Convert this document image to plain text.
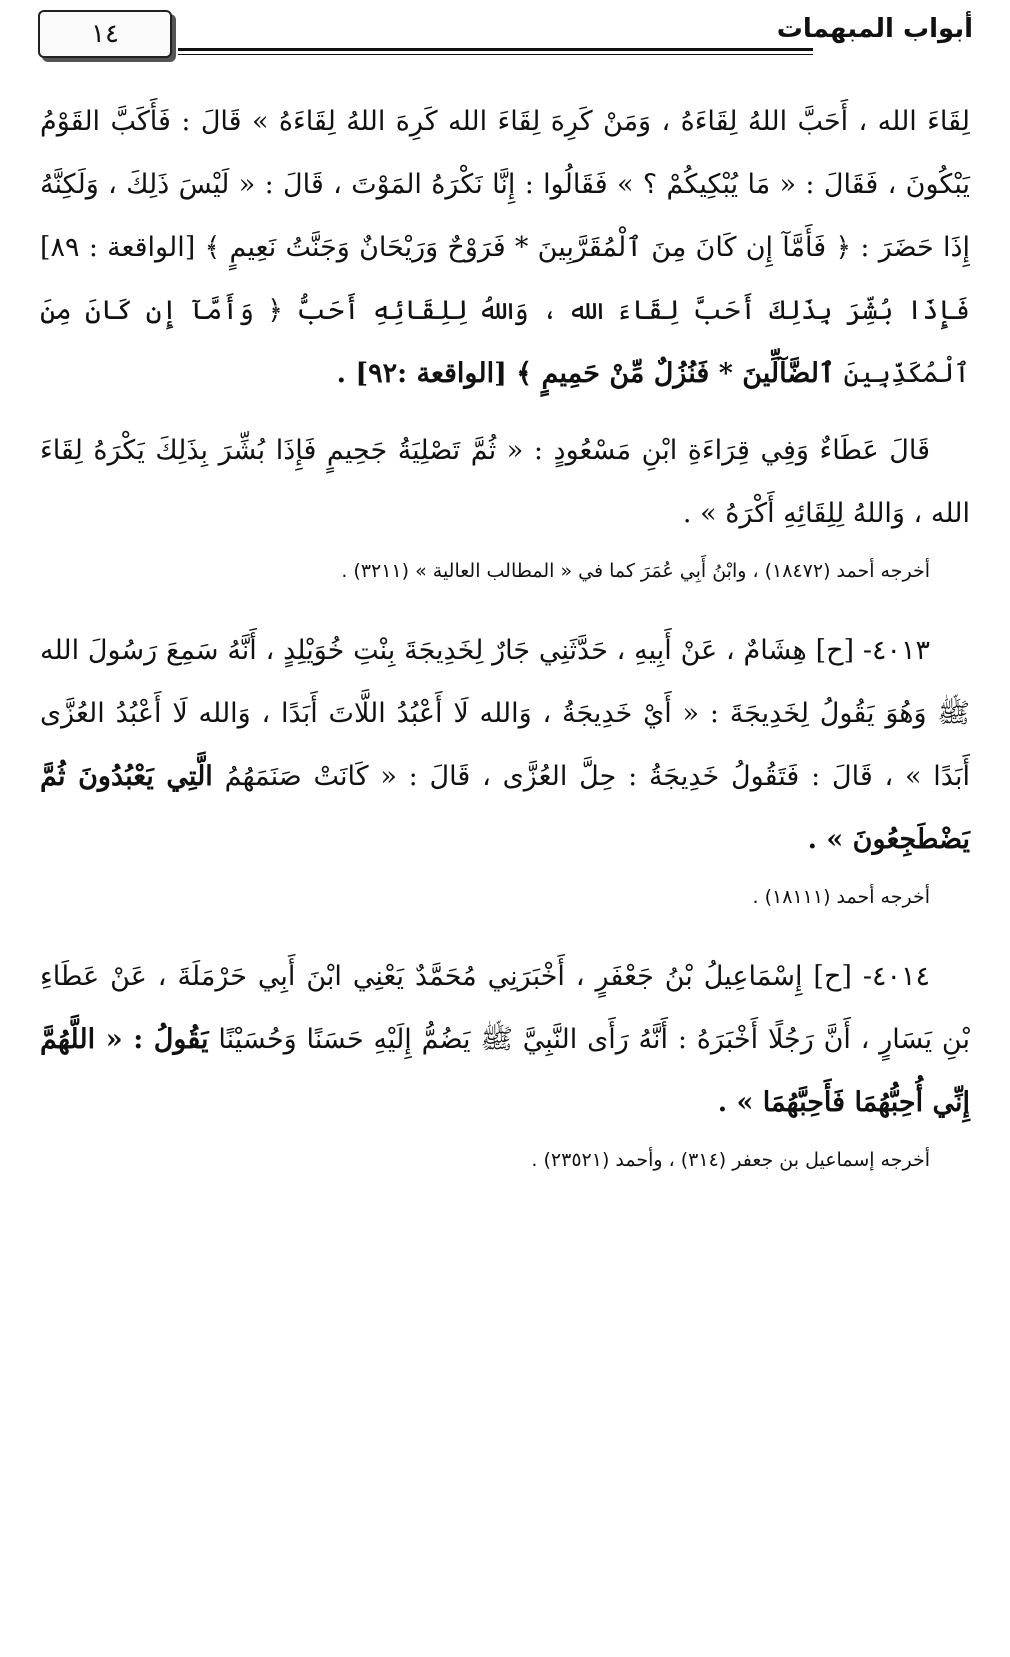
١٤	أبواب المبهمات

لِقَاءَ الله ، أَحَبَّ اللهُ لِقَاءَهُ ، وَمَنْ كَرِهَ لِقَاءَ الله كَرِهَ اللهُ لِقَاءَهُ » قَالَ : فَأَكَبَّ القَوْمُ يَبْكُونَ ، فَقَالَ : « مَا يُبْكِيكُمْ ؟ » فَقَالُوا : إِنَّا نَكْرَهُ المَوْتَ ، قَالَ : « لَيْسَ ذَلِكَ ، وَلَكِنَّهُ إِذَا حَضَرَ : ﴿ فَأَمَّآ إِن كَانَ مِنَ ٱلْمُقَرَّبِينَ * فَرَوْحٌ وَرَيْحَانٌ وَجَنَّتُ نَعِيمٍ ﴾ [الواقعة : ٨٩] فَإِذَا بُشِّرَ بِذَلِكَ أَحَبَّ لِقَاءَ الله ، وَاللهُ لِلِقَائِهِ أَحَبُّ ﴿ وَأَمَّآ إِن كَانَ مِنَ ٱلْمُكَذِّبِينَ ٱلضَّآلِّينَ * فَنُزُلٌ مِّنْ حَمِيمٍ ﴾ [الواقعة :٩٢] .

قَالَ عَطَاءٌ وَفِي قِرَاءَةِ ابْنِ مَسْعُودٍ : « ثُمَّ تَصْلِيَةُ جَحِيمٍ فَإِذَا بُشِّرَ بِذَلِكَ يَكْرَهُ لِقَاءَ الله ، وَاللهُ لِلِقَائِهِ أَكْرَهُ » .

أخرجه أحمد (١٨٤٧٢) ، وابْنُ أَبِي عُمَرَ كما في « المطالب العالية » (٣٢١١) .

٤٠١٣- [ح] هِشَامٌ ، عَنْ أَبِيهِ ، حَدَّثَنِي جَارٌ لِخَدِيجَةَ بِنْتِ خُوَيْلِدٍ ، أَنَّهُ سَمِعَ رَسُولَ الله ﷺ وَهُوَ يَقُولُ لِخَدِيجَةَ : « أَيْ خَدِيجَةُ ، وَالله لَا أَعْبُدُ اللَّاتَ أَبَدًا ، وَالله لَا أَعْبُدُ العُزَّى أَبَدًا » ، قَالَ : فَتَقُولُ خَدِيجَةُ : حِلَّ العُزَّى ، قَالَ : « كَانَتْ صَنَمَهُمُ الَّتِي يَعْبُدُونَ ثُمَّ يَضْطَجِعُونَ » .

أخرجه أحمد (١٨١١١) .

٤٠١٤- [ح] إِسْمَاعِيلُ بْنُ جَعْفَرٍ ، أَخْبَرَنِي مُحَمَّدٌ يَعْنِي ابْنَ أَبِي حَرْمَلَةَ ، عَنْ عَطَاءِ بْنِ يَسَارٍ ، أَنَّ رَجُلًا أَخْبَرَهُ : أَنَّهُ رَأَى النَّبِيَّ ﷺ يَضُمُّ إِلَيْهِ حَسَنًا وَحُسَيْنًا يَقُولُ : « اللَّهُمَّ إِنِّي أُحِبُّهُمَا فَأَحِبَّهُمَا » .

أخرجه إسماعيل بن جعفر (٣١٤) ، وأحمد (٢٣٥٢١) .
